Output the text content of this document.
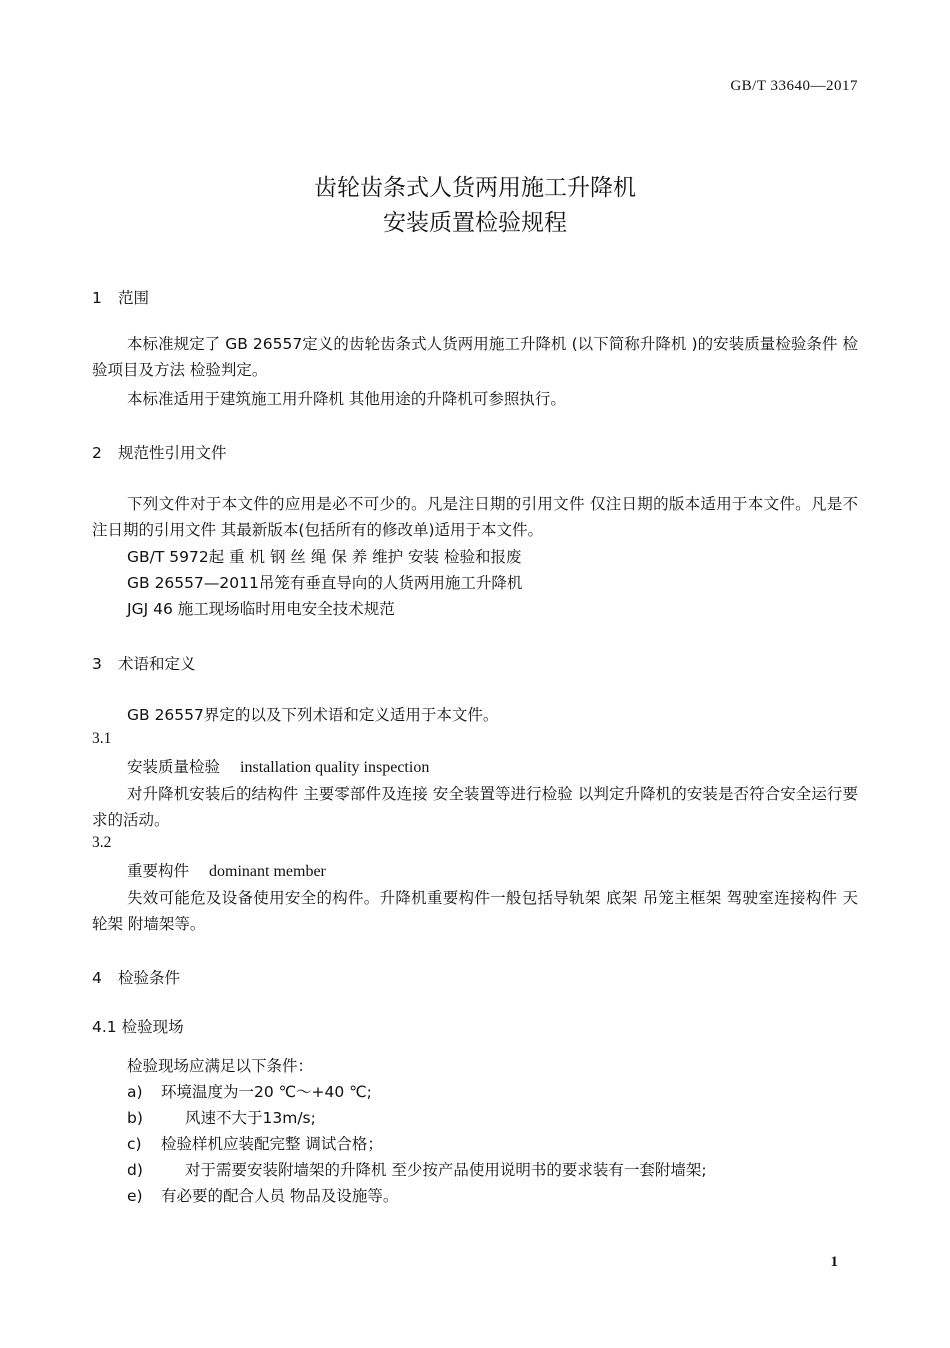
GB/T 33640—2017
齿轮齿条式人货两用施工升降机
安装质置检验规程
1 范围
本标准规定了 GB 26557定义的齿轮齿条式人货两用施工升降机 (以下简称升降机 )的安装质量检验条件 检验项目及方法 检验判定。
本标准适用于建筑施工用升降机 其他用途的升降机可参照执行。
2 规范性引用文件
下列文件对于本文件的应用是必不可少的。凡是注日期的引用文件 仅注日期的版本适用于本文件。凡是不注日期的引用文件 其最新版本(包括所有的修改单)适用于本文件。
GB/T 5972起 重 机 钢 丝 绳 保 养 维护 安装 检验和报废
GB 26557—2011吊笼有垂直导向的人货两用施工升降机
JGJ 46 施工现场临时用电安全技术规范
3 术语和定义
GB 26557界定的以及下列术语和定义适用于本文件。
3.1
安装质量检验 installation quality inspection
对升降机安装后的结构件 主要零部件及连接 安全装置等进行检验 以判定升降机的安装是否符合安全运行要求的活动。
3.2
重要构件 dominant member
失效可能危及设备使用安全的构件。升降机重要构件一般包括导轨架 底架 吊笼主框架 驾驶室连接构件 天轮架 附墙架等。
4 检验条件
4.1 检验现场
检验现场应满足以下条件：
a) 环境温度为一20 ℃～+40 ℃;
b)	风速不大于13m/s;
c) 检验样机应装配完整 调试合格；
d)	对于需要安装附墙架的升降机 至少按产品使用说明书的要求装有一套附墙架;
e) 有必要的配合人员 物品及设施等。
1
